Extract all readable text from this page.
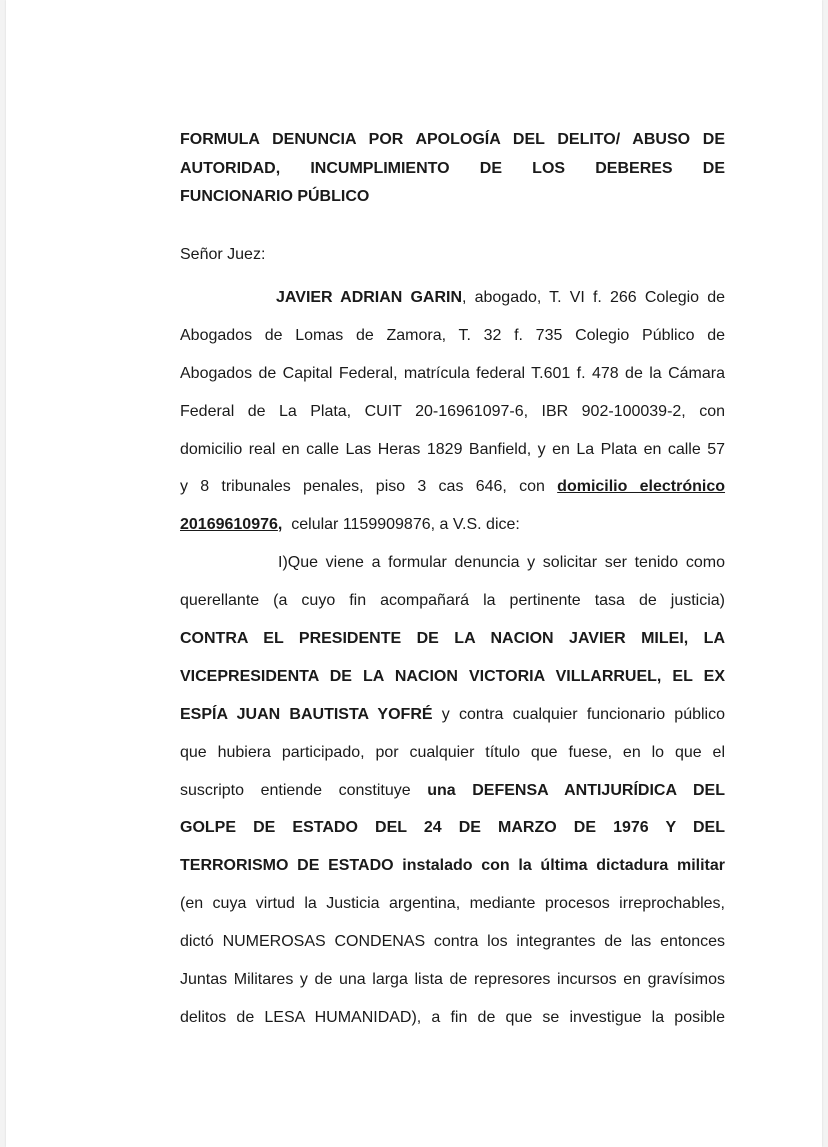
FORMULA DENUNCIA POR APOLOGÍA DEL DELITO/ ABUSO DE
AUTORIDAD, INCUMPLIMIENTO DE LOS DEBERES DE
FUNCIONARIO PÚBLICO

Señor Juez:

JAVIER ADRIAN GARIN, abogado, T. VI f. 266 Colegio de
Abogados de Lomas de Zamora, T. 32 f. 735 Colegio Público de
Abogados de Capital Federal, matrícula federal T.601 f. 478 de la Cámara
Federal de La Plata, CUIT 20-16961097-6, IBR 902-100039-2, con
domicilio real en calle Las Heras 1829 Banfield, y en La Plata en calle 57
y 8 tribunales penales, piso 3 cas 646, con domicilio electrónico
20169610976,  celular 1159909876, a V.S. dice:
I)Que viene a formular denuncia y solicitar ser tenido como
querellante (a cuyo fin acompañará la pertinente tasa de justicia)
CONTRA EL PRESIDENTE DE LA NACION JAVIER MILEI, LA
VICEPRESIDENTA DE LA NACION VICTORIA VILLARRUEL, EL EX
ESPÍA JUAN BAUTISTA YOFRÉ y contra cualquier funcionario público
que hubiera participado, por cualquier título que fuese, en lo que el
suscripto entiende constituye una DEFENSA ANTIJURÍDICA DEL
GOLPE DE ESTADO DEL 24 DE MARZO DE 1976 Y DEL
TERRORISMO DE ESTADO instalado con la última dictadura militar
(en cuya virtud la Justicia argentina, mediante procesos irreprochables,
dictó NUMEROSAS CONDENAS contra los integrantes de las entonces
Juntas Militares y de una larga lista de represores incursos en gravísimos
delitos de LESA HUMANIDAD), a fin de que se investigue la posible
